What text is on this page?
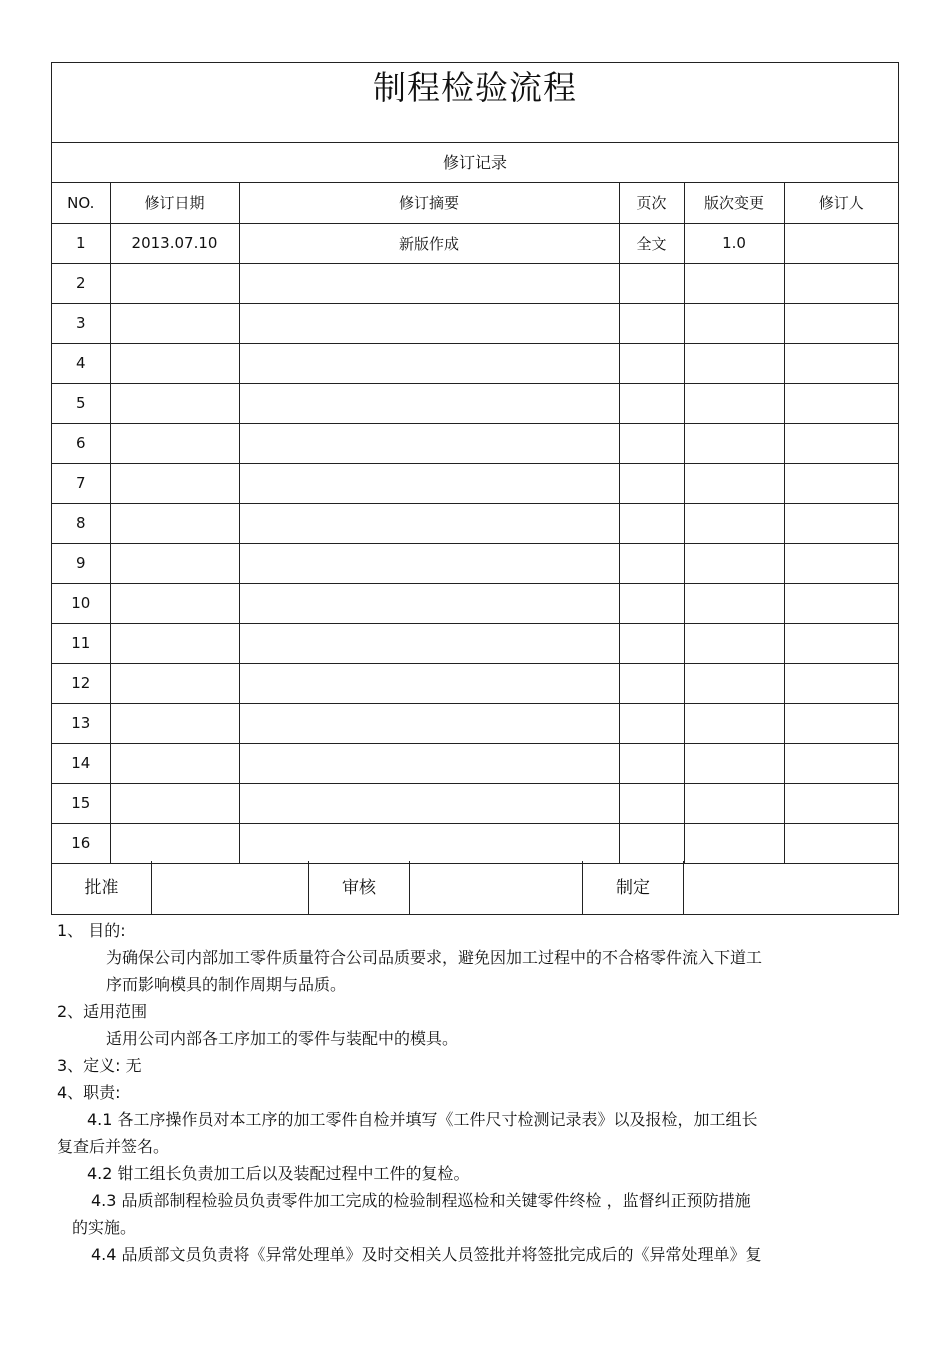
制程检验流程
修订记录
NO.	修订日期	修订摘要	页次	版次变更	修订人
1	2013.07.10	新版作成	全文	1.0	
2					
3					
4					
5					
6					
7					
8					
9					
10					
11					
12					
13					
14					
15					
16					
批准	审核	制定

1、 目的:

为确保公司内部加工零件质量符合公司品质要求，避免因加工过程中的不合格零件流入下道工

序而影响模具的制作周期与品质。

2、适用范围

适用公司内部各工序加工的零件与装配中的模具。

3、定义: 无

4、职责:

4.1 各工序操作员对本工序的加工零件自检并填写《工件尺寸检测记录表》以及报检，加工组长

复查后并签名。

4.2 钳工组长负责加工后以及装配过程中工件的复检。

4.3 品质部制程检验员负责零件加工完成的检验制程巡检和关键零件终检 ，监督纠正预防措施

的实施。

4.4 品质部文员负责将《异常处理单》及时交相关人员签批并将签批完成后的《异常处理单》复
